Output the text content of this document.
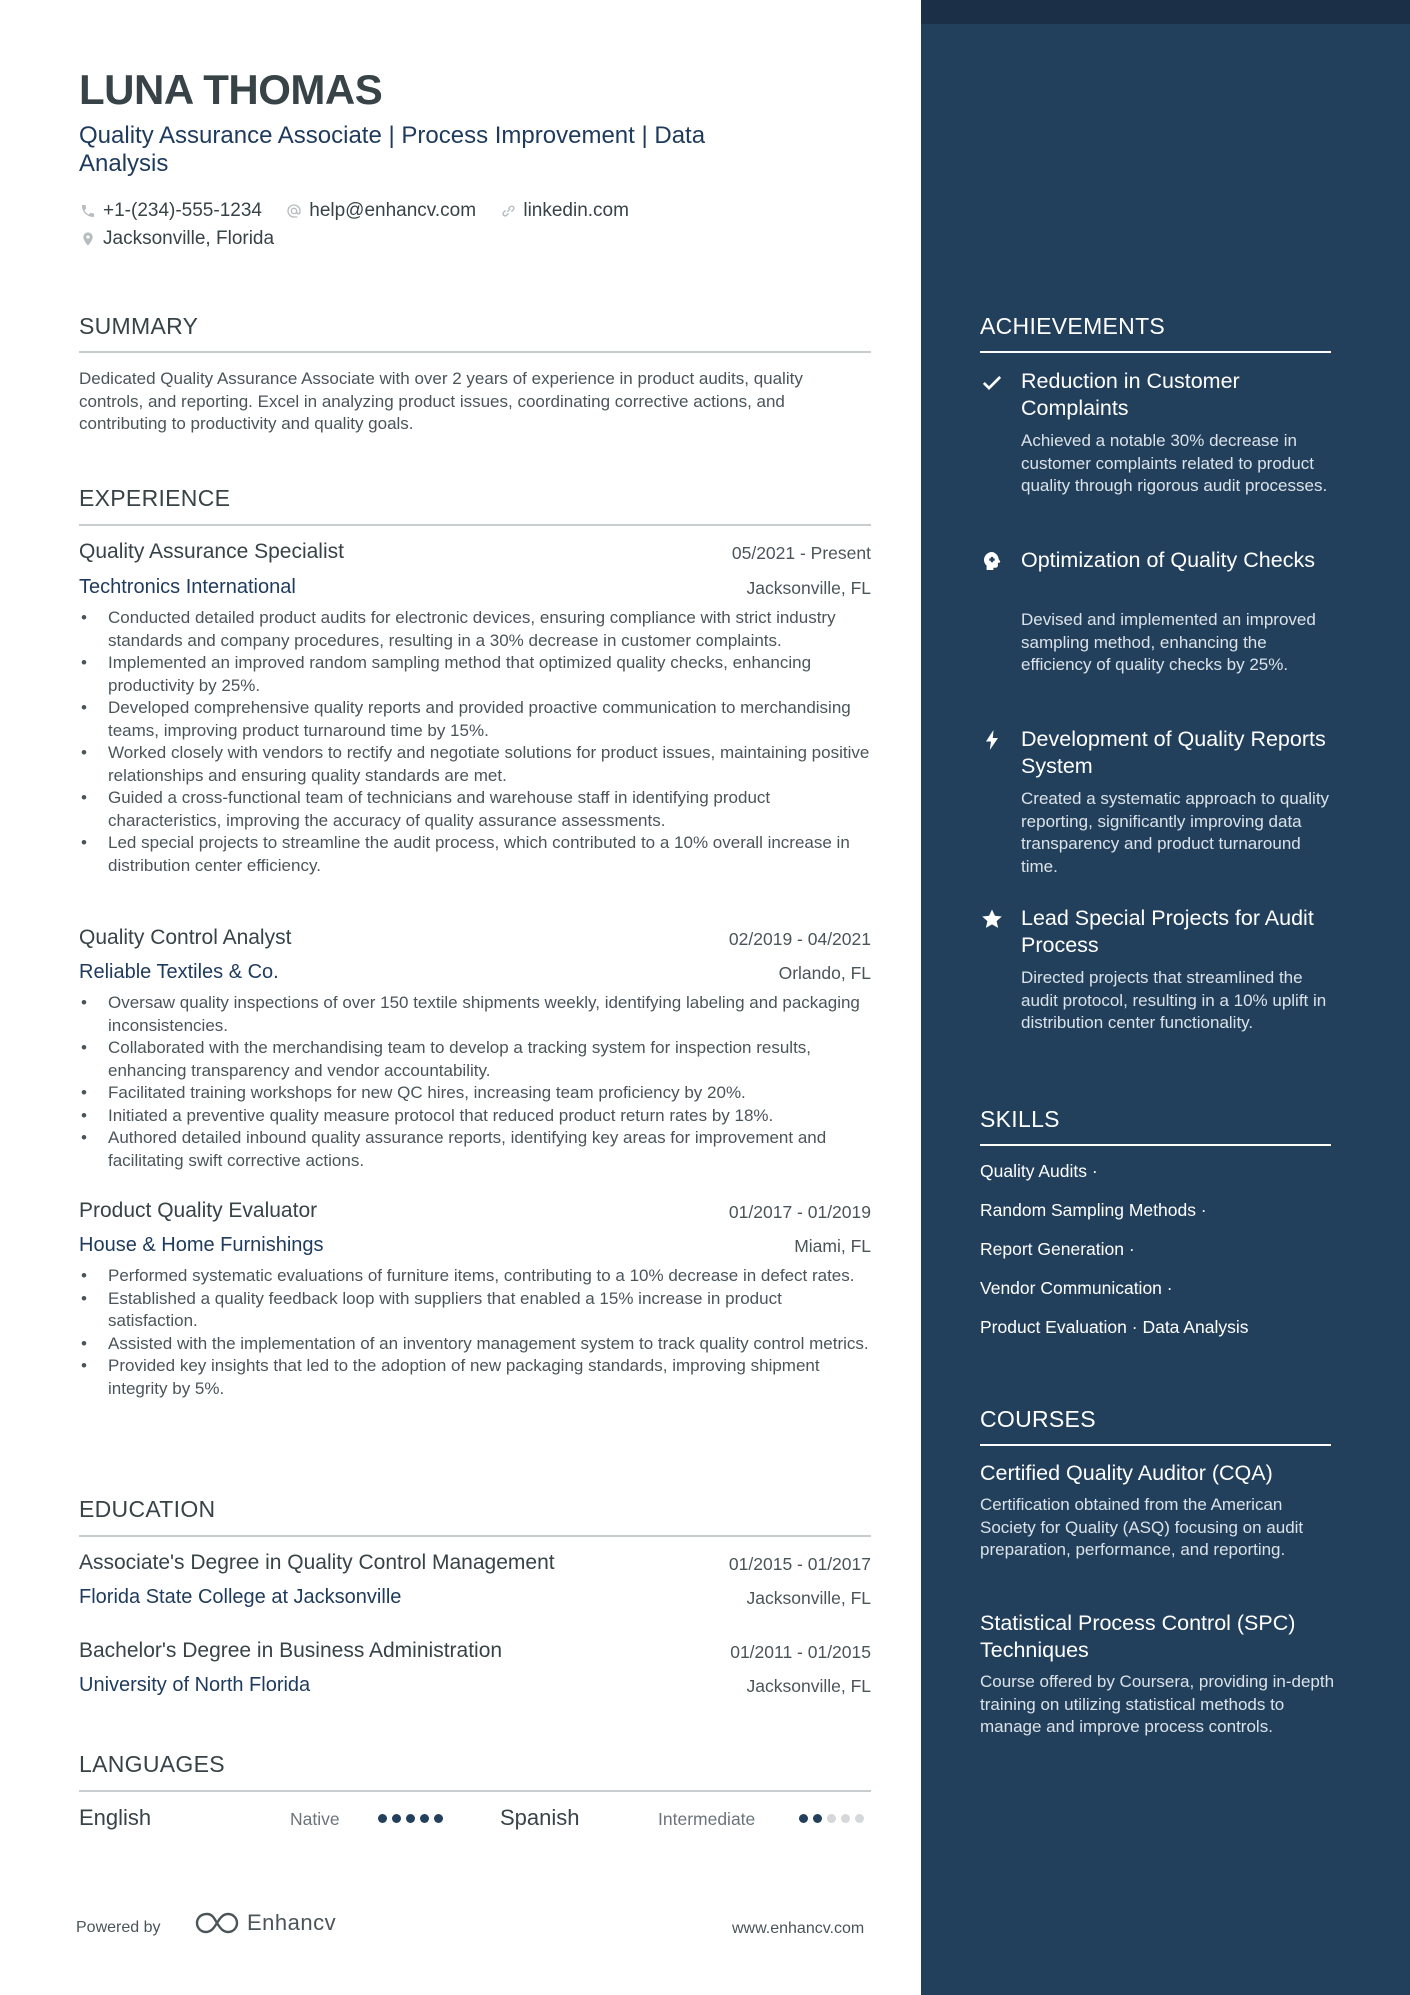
LUNA THOMAS
Quality Assurance Associate | Process Improvement | Data Analysis
+1-(234)-555-1234
help@enhancv.com
linkedin.com

Jacksonville, Florida
SUMMARY
Dedicated Quality Assurance Associate with over 2 years of experience in product audits, quality controls, and reporting. Excel in analyzing product issues, coordinating corrective actions, and contributing to productivity and quality goals.
EXPERIENCE
Quality Assurance Specialist	05/2021 - Present
Techtronics International	Jacksonville, FL
• Conducted detailed product audits for electronic devices, ensuring compliance with strict industry standards and company procedures, resulting in a 30% decrease in customer complaints.
• Implemented an improved random sampling method that optimized quality checks, enhancing productivity by 25%.
• Developed comprehensive quality reports and provided proactive communication to merchandising teams, improving product turnaround time by 15%.
• Worked closely with vendors to rectify and negotiate solutions for product issues, maintaining positive relationships and ensuring quality standards are met.
• Guided a cross-functional team of technicians and warehouse staff in identifying product characteristics, improving the accuracy of quality assurance assessments.
• Led special projects to streamline the audit process, which contributed to a 10% overall increase in distribution center efficiency.
Quality Control Analyst	02/2019 - 04/2021
Reliable Textiles & Co.	Orlando, FL
• Oversaw quality inspections of over 150 textile shipments weekly, identifying labeling and packaging inconsistencies.
• Collaborated with the merchandising team to develop a tracking system for inspection results, enhancing transparency and vendor accountability.
• Facilitated training workshops for new QC hires, increasing team proficiency by 20%.
• Initiated a preventive quality measure protocol that reduced product return rates by 18%.
• Authored detailed inbound quality assurance reports, identifying key areas for improvement and facilitating swift corrective actions.
Product Quality Evaluator	01/2017 - 01/2019
House & Home Furnishings	Miami, FL
• Performed systematic evaluations of furniture items, contributing to a 10% decrease in defect rates.
• Established a quality feedback loop with suppliers that enabled a 15% increase in product satisfaction.
• Assisted with the implementation of an inventory management system to track quality control metrics.
• Provided key insights that led to the adoption of new packaging standards, improving shipment integrity by 5%.
EDUCATION
Associate's Degree in Quality Control Management	01/2015 - 01/2017
Florida State College at Jacksonville	Jacksonville, FL
Bachelor's Degree in Business Administration	01/2011 - 01/2015
University of North Florida	Jacksonville, FL
LANGUAGES
English	Native	Spanish	Intermediate
Powered by	Enhancv	www.enhancv.com
ACHIEVEMENTS
Reduction in Customer Complaints
Achieved a notable 30% decrease in customer complaints related to product quality through rigorous audit processes.
Optimization of Quality Checks
Devised and implemented an improved sampling method, enhancing the efficiency of quality checks by 25%.
Development of Quality Reports System
Created a systematic approach to quality reporting, significantly improving data transparency and product turnaround time.
Lead Special Projects for Audit Process
Directed projects that streamlined the audit protocol, resulting in a 10% uplift in distribution center functionality.
SKILLS
Quality Audits ·
Random Sampling Methods ·
Report Generation ·
Vendor Communication ·
Product Evaluation · Data Analysis
COURSES
Certified Quality Auditor (CQA)
Certification obtained from the American Society for Quality (ASQ) focusing on audit preparation, performance, and reporting.
Statistical Process Control (SPC) Techniques
Course offered by Coursera, providing in-depth training on utilizing statistical methods to manage and improve process controls.
